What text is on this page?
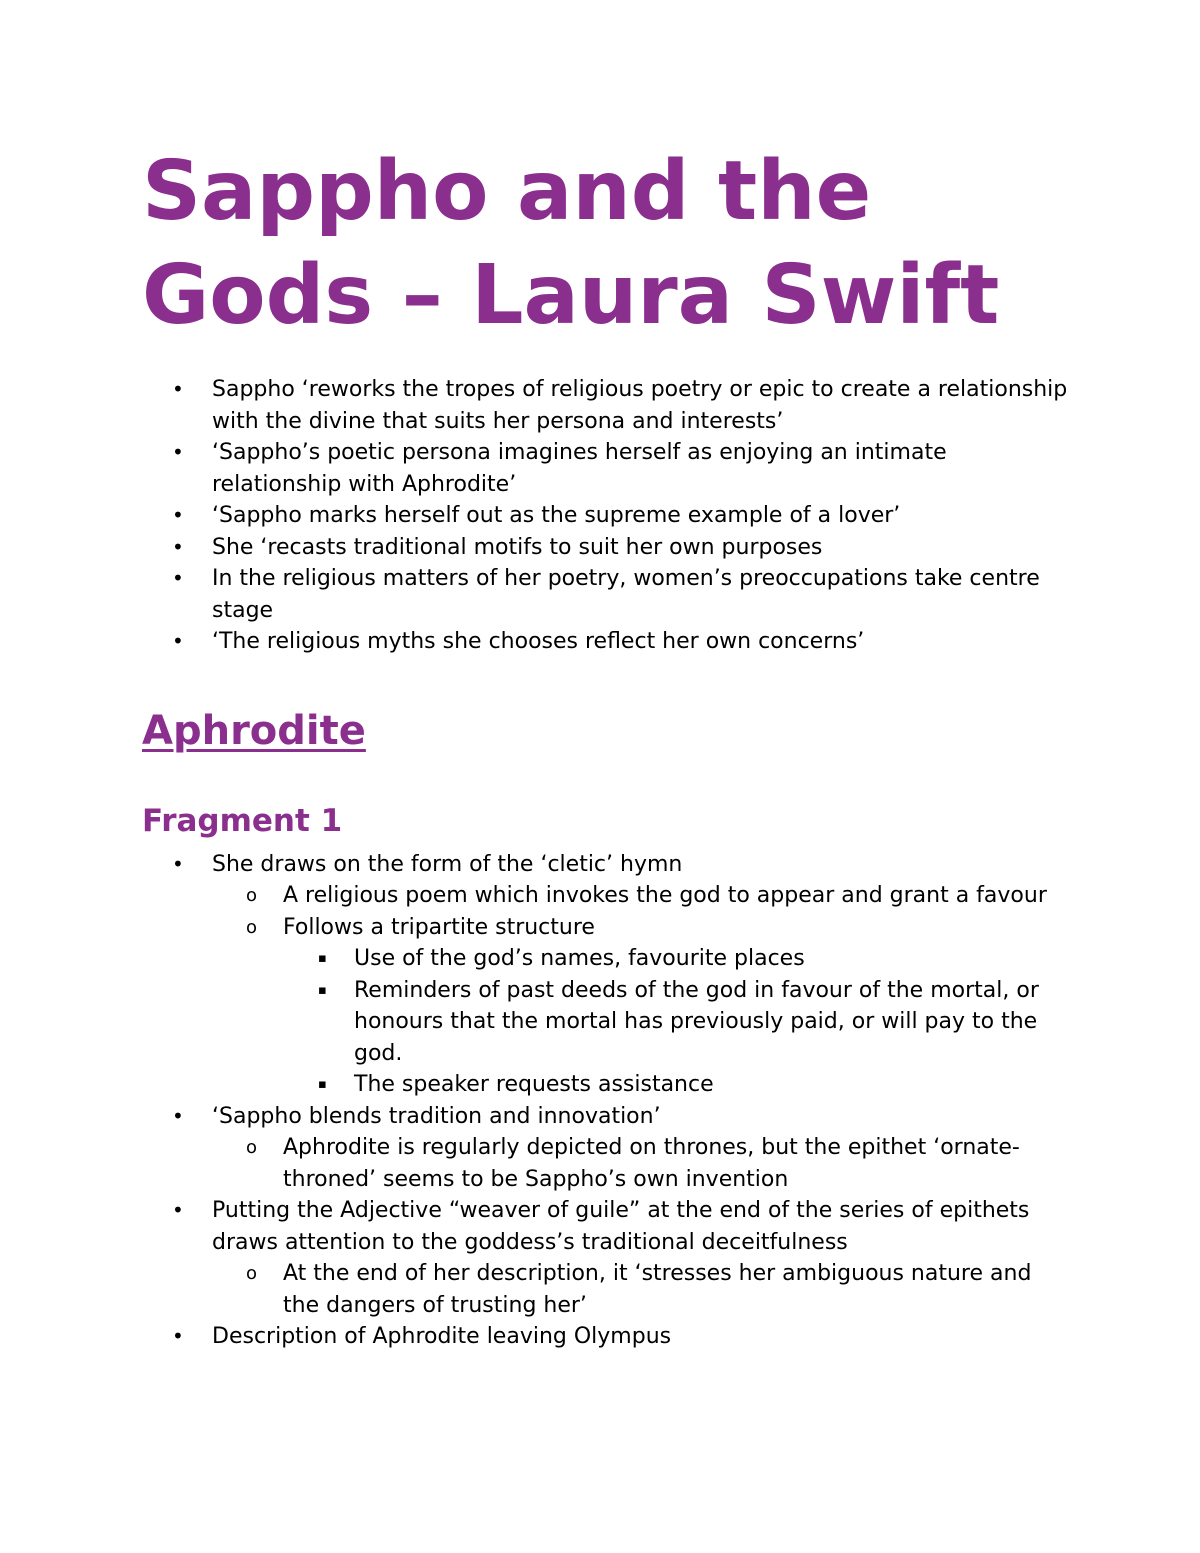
Sappho and the
Gods – Laura Swift
• Sappho ‘reworks the tropes of religious poetry or epic to create a relationship with the divine that suits her persona and interests’
• ‘Sappho’s poetic persona imagines herself as enjoying an intimate relationship with Aphrodite’
• ‘Sappho marks herself out as the supreme example of a lover’
• She ‘recasts traditional motifs to suit her own purposes
• In the religious matters of her poetry, women’s preoccupations take centre stage
• ‘The religious myths she chooses reflect her own concerns’
Aphrodite
Fragment 1
• She draws on the form of the ‘cletic’ hymn
o A religious poem which invokes the god to appear and grant a favour
o Follows a tripartite structure
▪ Use of the god’s names, favourite places
▪ Reminders of past deeds of the god in favour of the mortal, or honours that the mortal has previously paid, or will pay to the god.
▪ The speaker requests assistance
• ‘Sappho blends tradition and innovation’
o Aphrodite is regularly depicted on thrones, but the epithet ‘ornate-throned’ seems to be Sappho’s own invention
• Putting the Adjective “weaver of guile” at the end of the series of epithets draws attention to the goddess’s traditional deceitfulness
o At the end of her description, it ‘stresses her ambiguous nature and the dangers of trusting her’
• Description of Aphrodite leaving Olympus
